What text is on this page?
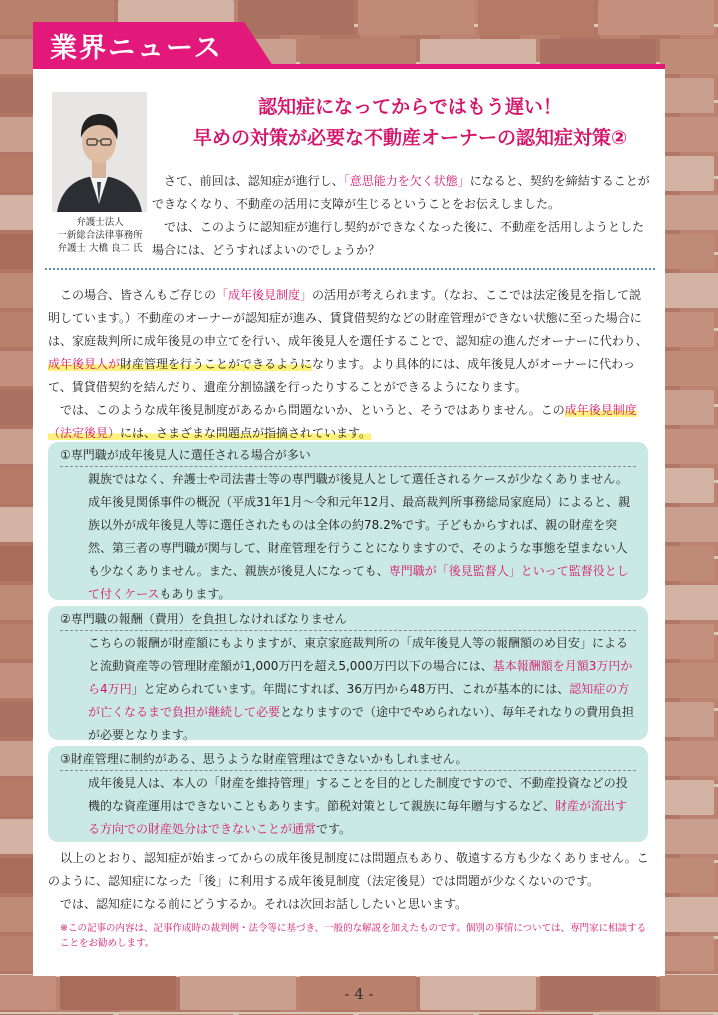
業界ニュース
弁護士法人
一新総合法律事務所
弁護士 大橋 良二 氏
認知症になってからではもう遅い！
早めの対策が必要な不動産オーナーの認知症対策②

　さて、前回は、認知症が進行し、「意思能力を欠く状態」になると、契約を締結することができなくなり、不動産の活用に支障が生じるということをお伝えしました。

　では、このように認知症が進行し契約ができなくなった後に、不動産を活用しようとした場合には、どうすればよいのでしょうか？

　この場合、皆さんもご存じの「成年後見制度」の活用が考えられます。（なお、ここでは法定後見を指して説明しています。）不動産のオーナーが認知症が進み、賃貸借契約などの財産管理ができない状態に至った場合には、家庭裁判所に成年後見の申立てを行い、成年後見人を選任することで、認知症の進んだオーナーに代わり、成年後見人が財産管理を行うことができるようになります。より具体的には、成年後見人がオーナーに代わって、賃貸借契約を結んだり、遺産分割協議を行ったりすることができるようになります。
　では、このような成年後見制度があるから問題ないか、というと、そうではありません。この成年後見制度（法定後見）には、さまざまな問題点が指摘されています。
①専門職が成年後見人に選任される場合が多い
親族ではなく、弁護士や司法書士等の専門職が後見人として選任されるケースが少なくありません。成年後見関係事件の概況（平成31年1月〜令和元年12月、最高裁判所事務総局家庭局）によると、親族以外が成年後見人等に選任されたものは全体の約78.2%です。子どもからすれば、親の財産を突然、第三者の専門職が関与して、財産管理を行うことになりますので、そのような事態を望まない人も少なくありません。また、親族が後見人になっても、専門職が「後見監督人」といって監督役として付くケースもあります。
②専門職の報酬（費用）を負担しなければなりません
こちらの報酬が財産額にもよりますが、東京家庭裁判所の「成年後見人等の報酬額のめ目安」によると流動資産等の管理財産額が1,000万円を超え5,000万円以下の場合には、基本報酬額を月額3万円から4万円」と定められています。年間にすれば、36万円から48万円、これが基本的には、認知症の方が亡くなるまで負担が継続して必要となりますので（途中でやめられない）、毎年それなりの費用負担が必要となります。
③財産管理に制約がある、思うような財産管理はできないかもしれません。
成年後見人は、本人の「財産を維持管理」することを目的とした制度ですので、不動産投資などの投機的な資産運用はできないこともあります。節税対策として親族に毎年贈与するなど、財産が流出する方向での財産処分はできないことが通常です。

　以上のとおり、認知症が始まってからの成年後見制度には問題点もあり、敬遠する方も少なくありません。このように、認知症になった「後」に利用する成年後見制度（法定後見）では問題が少なくないのです。

　では、認知症になる前にどうするか。それは次回お話ししたいと思います。

※この記事の内容は、記事作成時の裁判例・法令等に基づき、一般的な解説を加えたものです。個別の事情については、専門家に相談することをお勧めします。
- 4 -
